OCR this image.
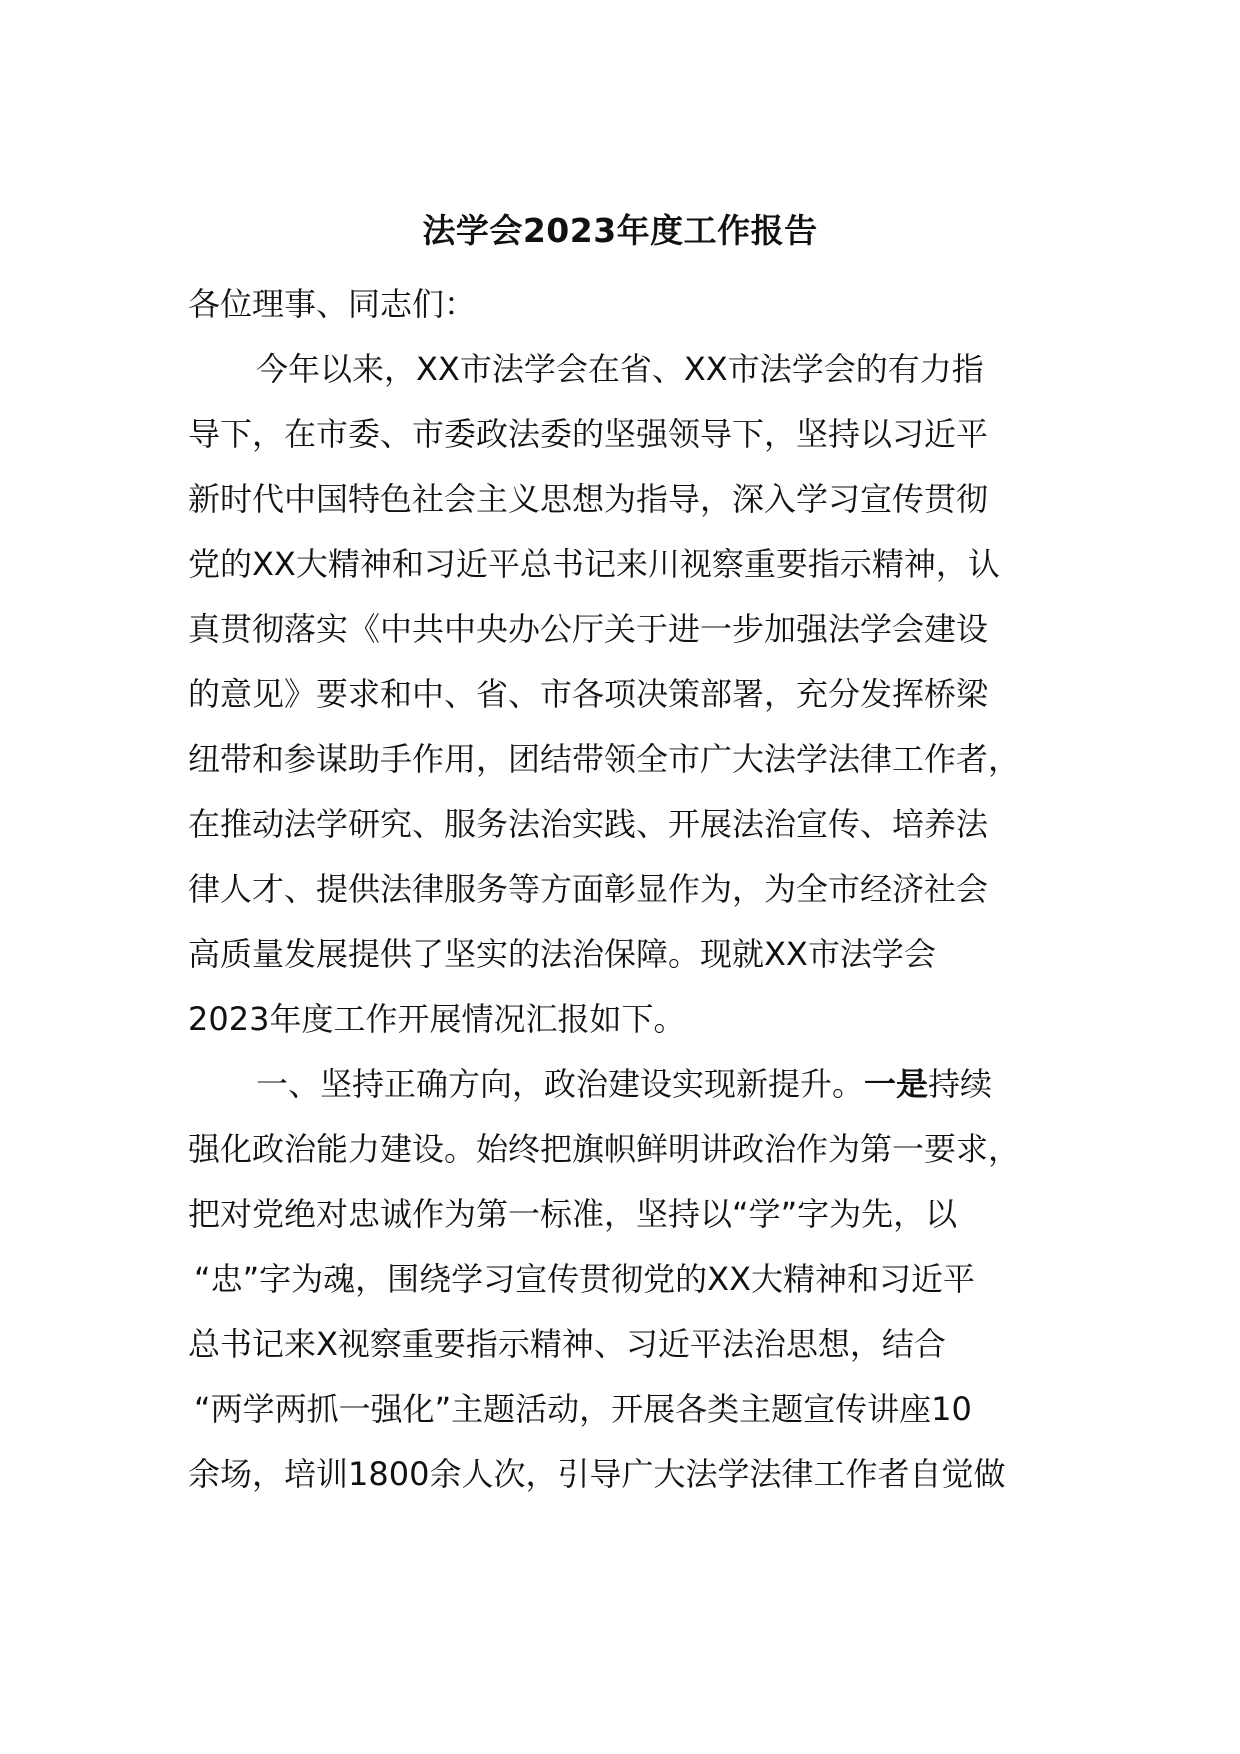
法学会2023年度工作报告
各位理事、同志们：
今年以来，XX市法学会在省、XX市法学会的有力指
导下，在市委、市委政法委的坚强领导下，坚持以习近平
新时代中国特色社会主义思想为指导，深入学习宣传贯彻
党的XX大精神和习近平总书记来川视察重要指示精神，认
真贯彻落实《中共中央办公厅关于进一步加强法学会建设
的意见》要求和中、省、市各项决策部署，充分发挥桥梁
纽带和参谋助手作用，团结带领全市广大法学法律工作者，
在推动法学研究、服务法治实践、开展法治宣传、培养法
律人才、提供法律服务等方面彰显作为，为全市经济社会
高质量发展提供了坚实的法治保障。现就XX市法学会
2023年度工作开展情况汇报如下。
一、坚持正确方向，政治建设实现新提升。一是持续
强化政治能力建设。始终把旗帜鲜明讲政治作为第一要求，
把对党绝对忠诚作为第一标准，坚持以“学”字为先，以
“忠”字为魂，围绕学习宣传贯彻党的XX大精神和习近平
总书记来X视察重要指示精神、习近平法治思想，结合
“两学两抓一强化”主题活动，开展各类主题宣传讲座10
余场，培训1800余人次，引导广大法学法律工作者自觉做
